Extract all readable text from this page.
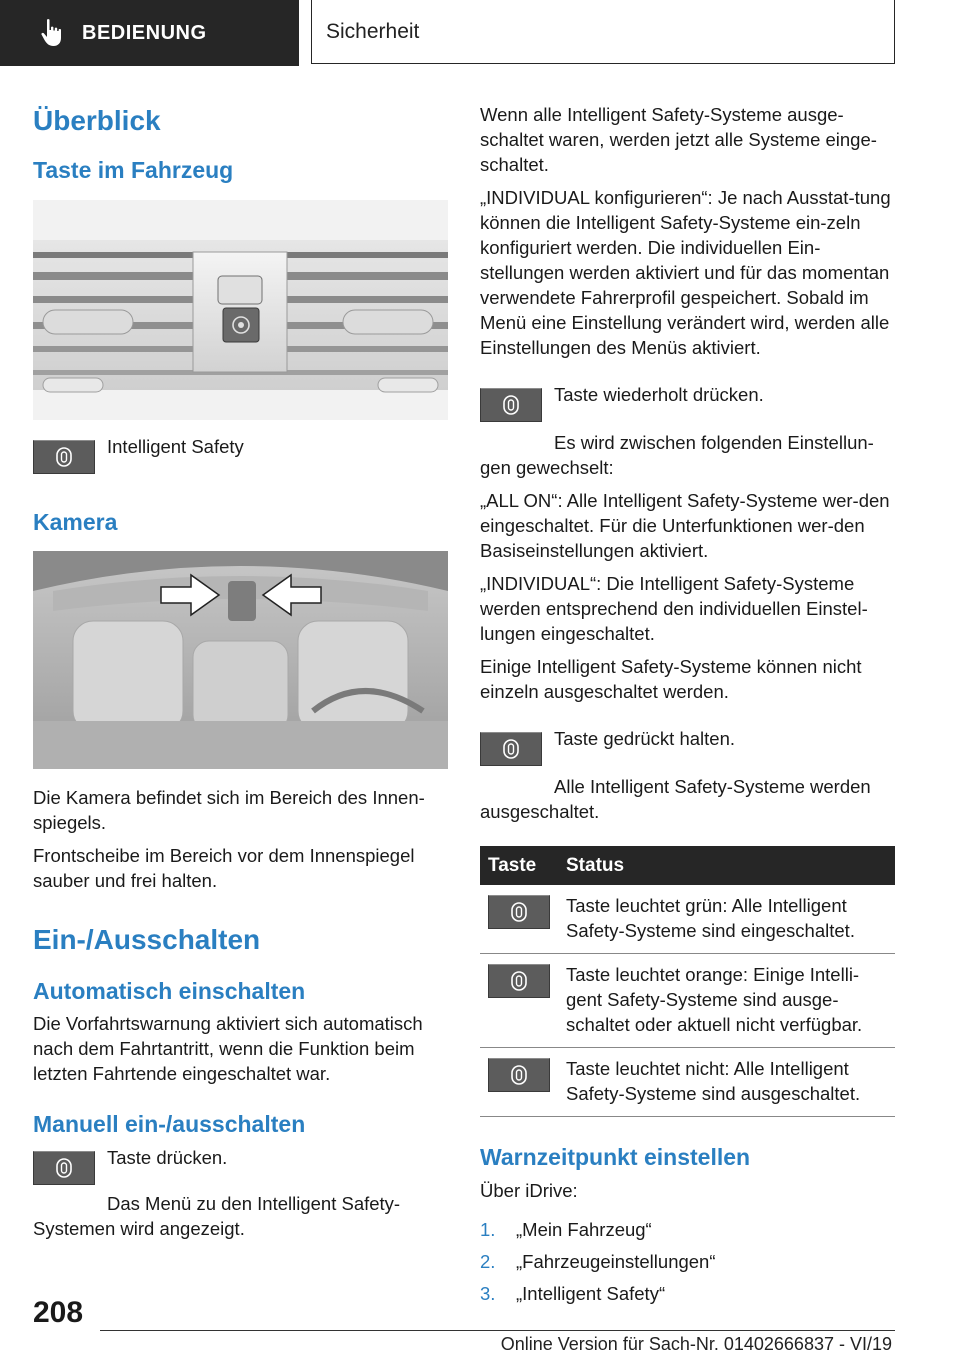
BEDIENUNG	Sicherheit
Überblick
Taste im Fahrzeug

Intelligent Safety

Kamera

Die Kamera befindet sich im Bereich des Innen-spiegels.

Frontscheibe im Bereich vor dem Innenspiegel sauber und frei halten.

Ein-/Ausschalten
Automatisch einschalten

Die Vorfahrtswarnung aktiviert sich automatisch nach dem Fahrtantritt, wenn die Funktion beim letzten Fahrtende eingeschaltet war.

Manuell ein-/ausschalten

Taste drücken.

Das Menü zu den Intelligent Safety-Systemen wird angezeigt.

Wenn alle Intelligent Safety-Systeme ausge-schaltet waren, werden jetzt alle Systeme einge-schaltet.

„INDIVIDUAL konfigurieren“: Je nach Ausstat-tung können die Intelligent Safety-Systeme ein-zeln konfiguriert werden. Die individuellen Ein-stellungen werden aktiviert und für das momentan verwendete Fahrerprofil gespeichert. Sobald im Menü eine Einstellung verändert wird, werden alle Einstellungen des Menüs aktiviert.

Taste wiederholt drücken.

Es wird zwischen folgenden Einstellun-gen gewechselt:

„ALL ON“: Alle Intelligent Safety-Systeme wer-den eingeschaltet. Für die Unterfunktionen wer-den Basiseinstellungen aktiviert.

„INDIVIDUAL“: Die Intelligent Safety-Systeme werden entsprechend den individuellen Einstel-lungen eingeschaltet.

Einige Intelligent Safety-Systeme können nicht einzeln ausgeschaltet werden.

Taste gedrückt halten.

Alle Intelligent Safety-Systeme werden ausgeschaltet.

Taste	Status

	Taste leuchtet grün: Alle Intelligent Safety-Systeme sind eingeschaltet.

	Taste leuchtet orange: Einige Intelli-gent Safety-Systeme sind ausge-schaltet oder aktuell nicht verfügbar.

	Taste leuchtet nicht: Alle Intelligent Safety-Systeme sind ausgeschaltet.
Warnzeitpunkt einstellen

Über iDrive:

1.	„Mein Fahrzeug“
2.	„Fahrzeugeinstellungen“
3.	„Intelligent Safety“
208
Online Version für Sach-Nr. 01402666837 - VI/19
